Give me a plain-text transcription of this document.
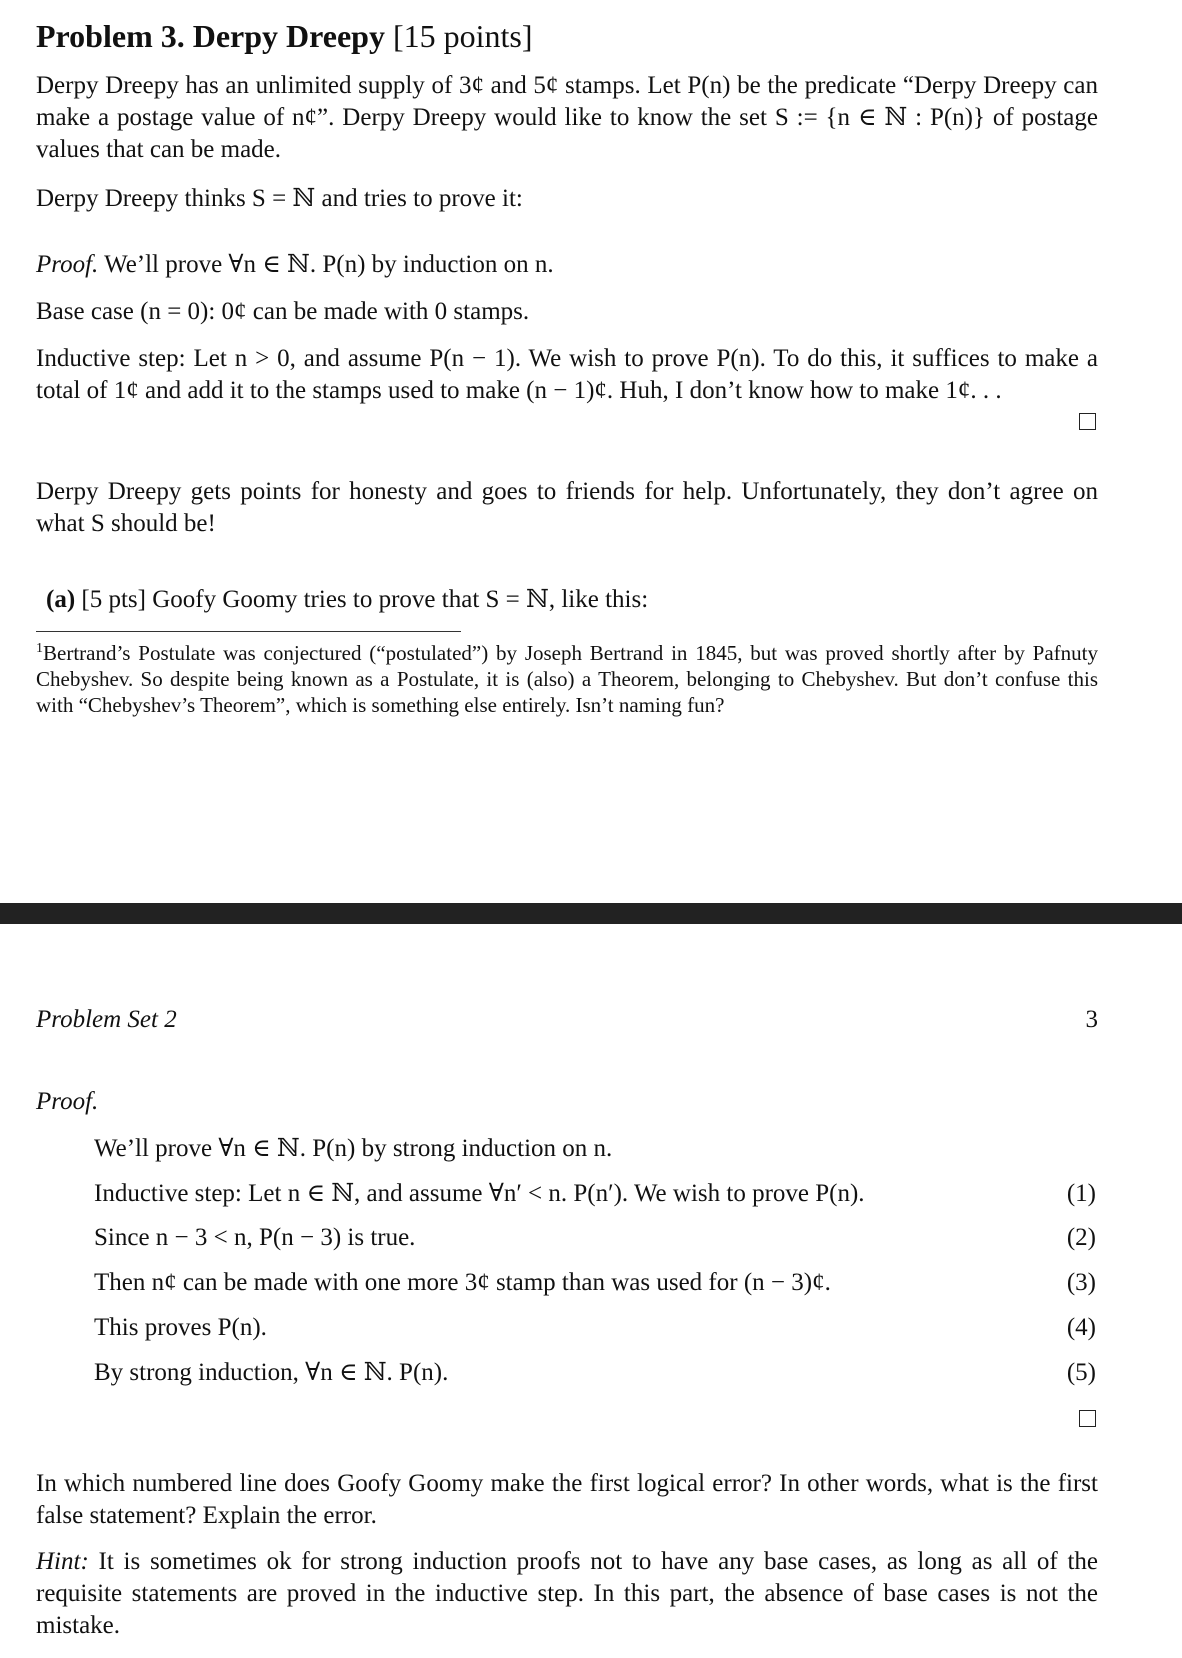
Problem 3. Derpy Dreepy [15 points]
Derpy Dreepy has an unlimited supply of 3¢ and 5¢ stamps. Let P(n) be the predicate “Derpy Dreepy can make a postage value of n¢”. Derpy Dreepy would like to know the set S := {n ∈ ℕ : P(n)} of postage values that can be made.
Derpy Dreepy thinks S = ℕ and tries to prove it:
Proof. We’ll prove ∀n ∈ ℕ. P(n) by induction on n.
Base case (n = 0): 0¢ can be made with 0 stamps.
Inductive step: Let n > 0, and assume P(n − 1). We wish to prove P(n). To do this, it suffices to make a total of 1¢ and add it to the stamps used to make (n − 1)¢. Huh, I don’t know how to make 1¢. . .
Derpy Dreepy gets points for honesty and goes to friends for help. Unfortunately, they don’t agree on what S should be!
(a) [5 pts] Goofy Goomy tries to prove that S = ℕ, like this:
$^1$Bertrand’s Postulate was conjectured (“postulated”) by Joseph Bertrand in 1845, but was proved shortly after by Pafnuty Chebyshev. So despite being known as a Postulate, it is (also) a Theorem, belonging to Chebyshev. But don’t confuse this with “Chebyshev’s Theorem”, which is something else entirely. Isn’t naming fun?
Problem Set 2	3
Proof.
We’ll prove ∀n ∈ ℕ. P(n) by strong induction on n.
Inductive step: Let n ∈ ℕ, and assume ∀n′ < n. P(n′). We wish to prove P(n).	(1)
Since n − 3 < n, P(n − 3) is true.	(2)
Then n¢ can be made with one more 3¢ stamp than was used for (n − 3)¢.	(3)
This proves P(n).	(4)
By strong induction, ∀n ∈ ℕ. P(n).	(5)
In which numbered line does Goofy Goomy make the first logical error? In other words, what is the first false statement? Explain the error.
Hint: It is sometimes ok for strong induction proofs not to have any base cases, as long as all of the requisite statements are proved in the inductive step. In this part, the absence of base cases is not the mistake.
